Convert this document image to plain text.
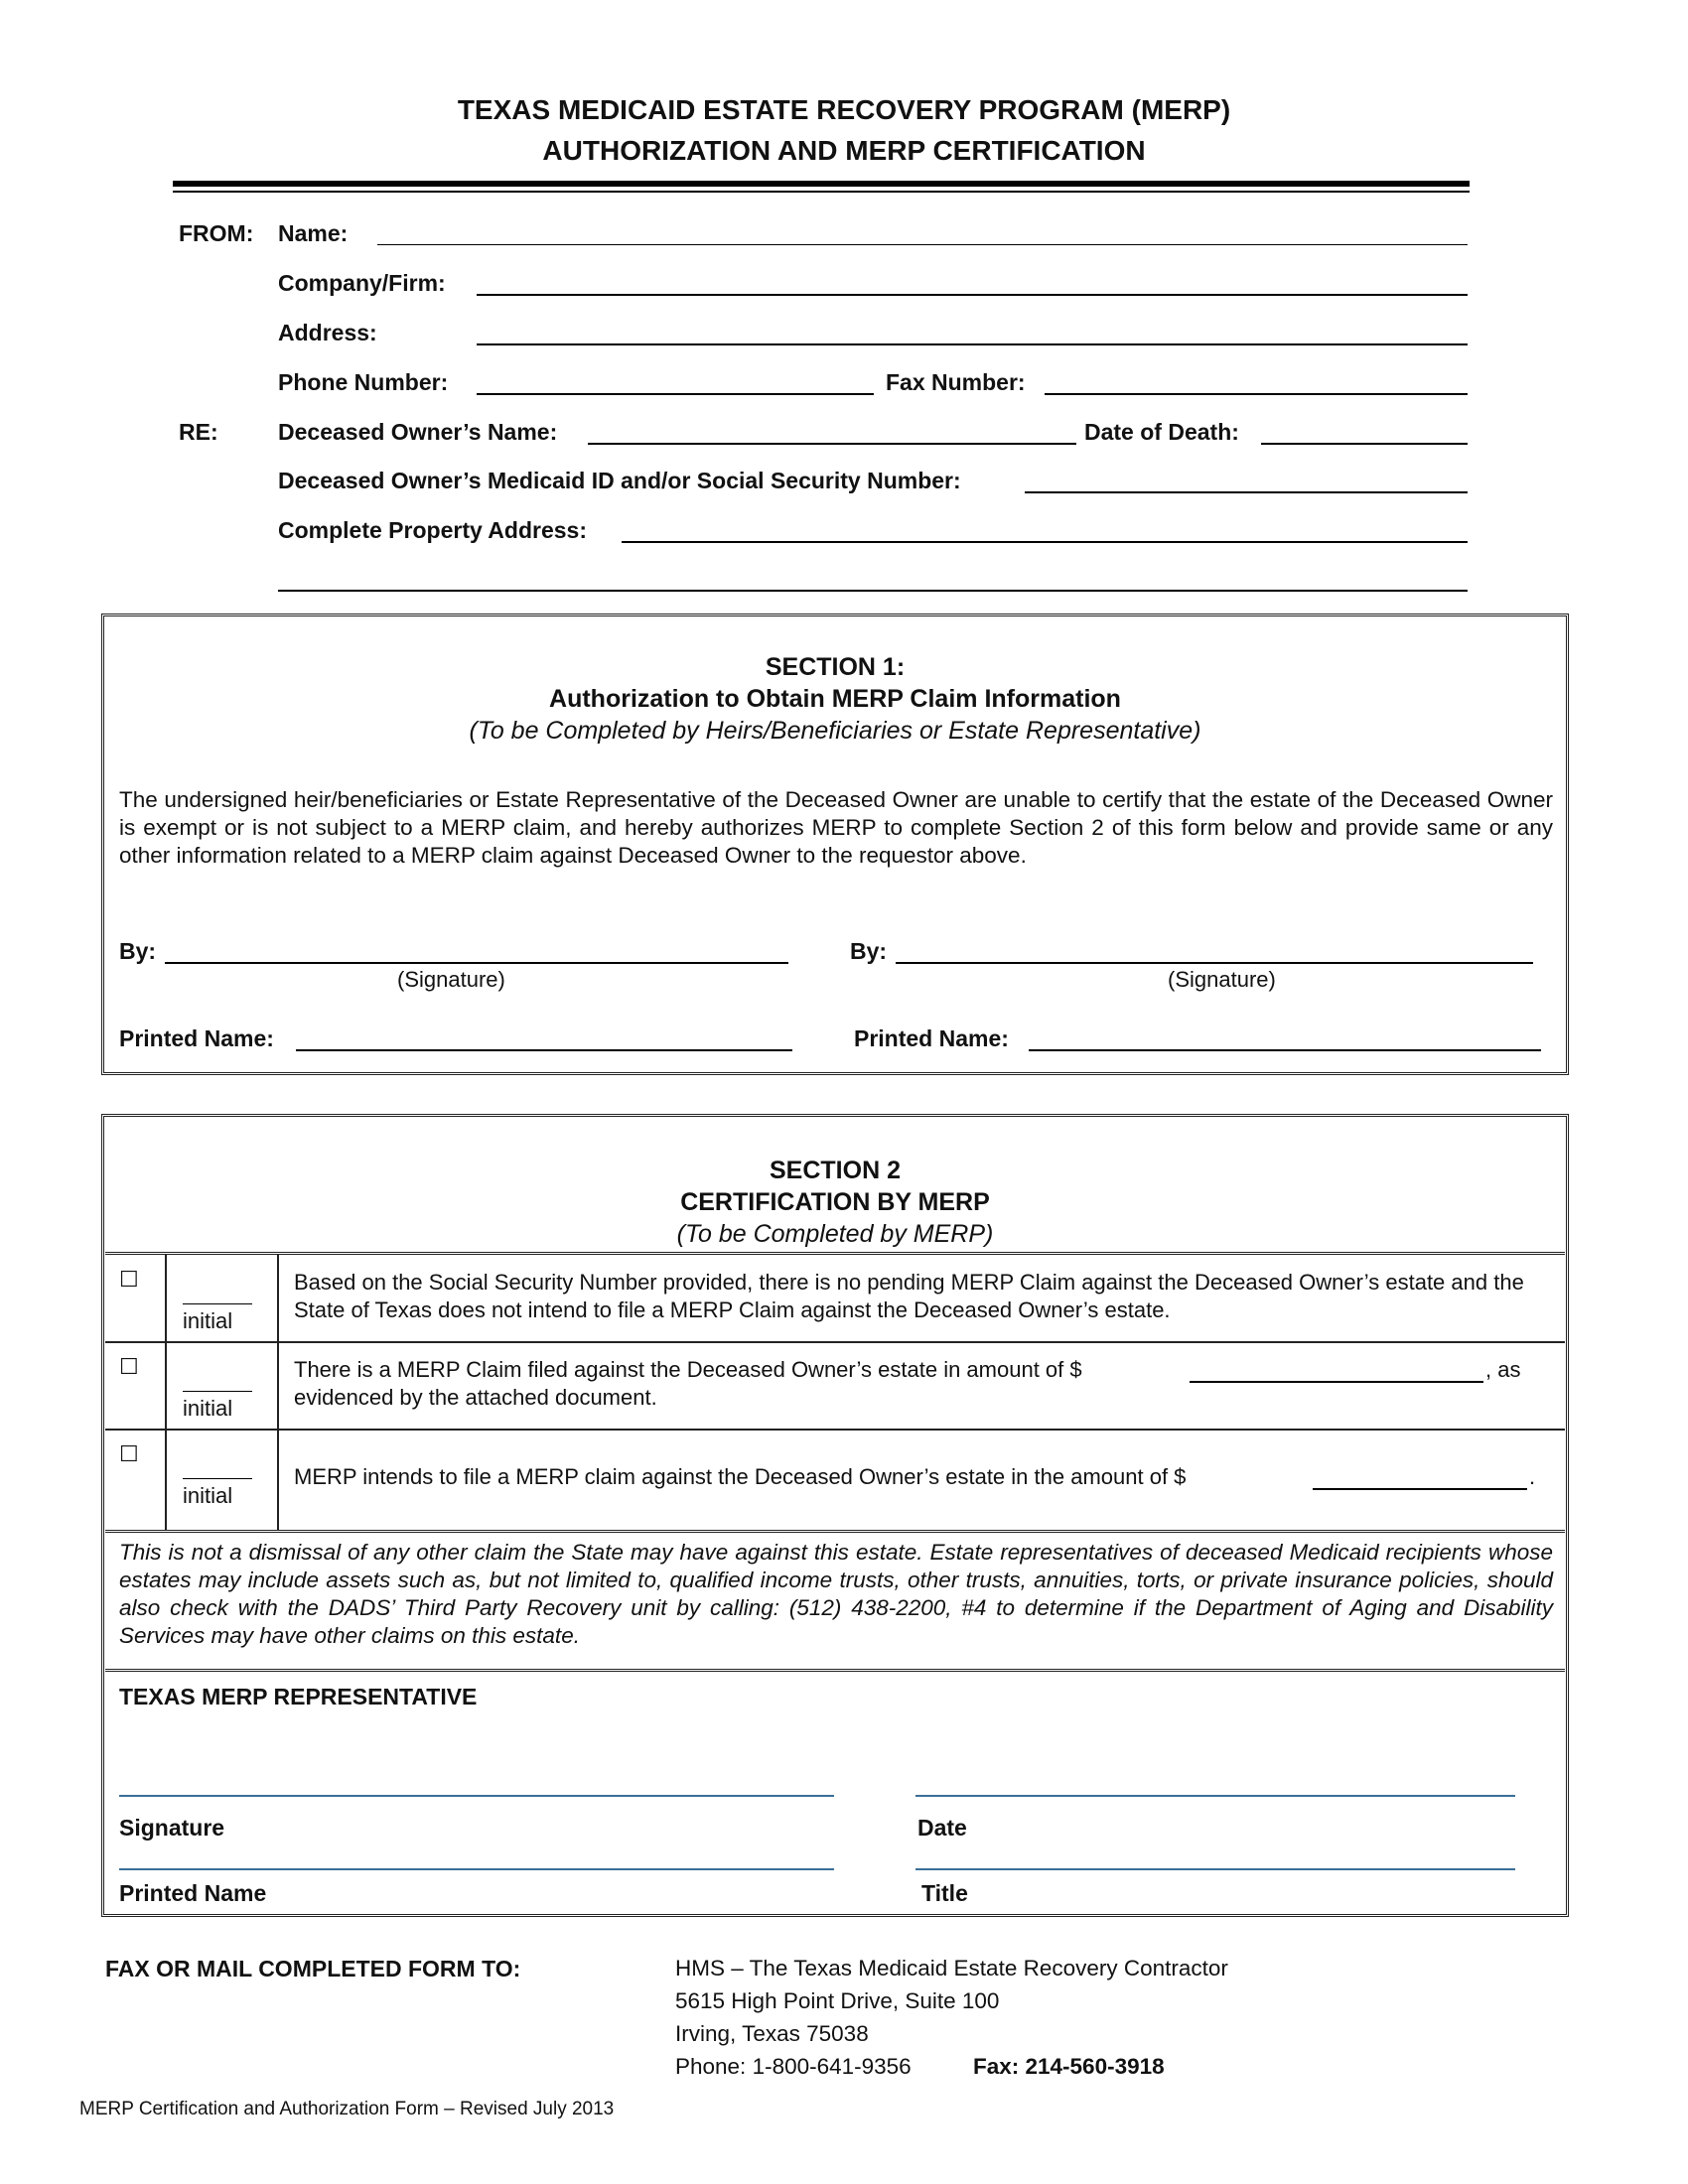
TEXAS MEDICAID ESTATE RECOVERY PROGRAM (MERP)
AUTHORIZATION AND MERP CERTIFICATION
FROM: Name:
Company/Firm:
Address:
Phone Number:	Fax Number:
RE:	Deceased Owner’s Name:	Date of Death:
Deceased Owner’s Medicaid ID and/or Social Security Number:
Complete Property Address:
SECTION 1:
Authorization to Obtain MERP Claim Information
(To be Completed by Heirs/Beneficiaries or Estate Representative)
The undersigned heir/beneficiaries or Estate Representative of the Deceased Owner are unable to certify that the estate of the Deceased Owner is exempt or is not subject to a MERP claim, and hereby authorizes MERP to complete Section 2 of this form below and provide same or any other information related to a MERP claim against Deceased Owner to the requestor above.
By:
(Signature)
By:
(Signature)
Printed Name:	Printed Name:
SECTION 2
CERTIFICATION BY MERP
(To be Completed by MERP)
☐
initial
Based on the Social Security Number provided, there is no pending MERP Claim against the Deceased Owner’s estate and the State of Texas does not intend to file a MERP Claim against the Deceased Owner’s estate.
☐
initial
There is a MERP Claim filed against the Deceased Owner’s estate in amount of $	, as
evidenced by the attached document.
☐
initial
MERP intends to file a MERP claim against the Deceased Owner’s estate in the amount of $	.
This is not a dismissal of any other claim the State may have against this estate. Estate representatives of deceased Medicaid recipients whose estates may include assets such as, but not limited to, qualified income trusts, other trusts, annuities, torts, or private insurance policies, should also check with the DADS’ Third Party Recovery unit by calling: (512) 438-2200, #4 to determine if the Department of Aging and Disability Services may have other claims on this estate.
TEXAS MERP REPRESENTATIVE
Signature	Date
Printed Name	Title
FAX OR MAIL COMPLETED FORM TO:	HMS – The Texas Medicaid Estate Recovery Contractor
5615 High Point Drive, Suite 100
Irving, Texas 75038
Phone: 1-800-641-9356	Fax: 214-560-3918
MERP Certification and Authorization Form – Revised July 2013
